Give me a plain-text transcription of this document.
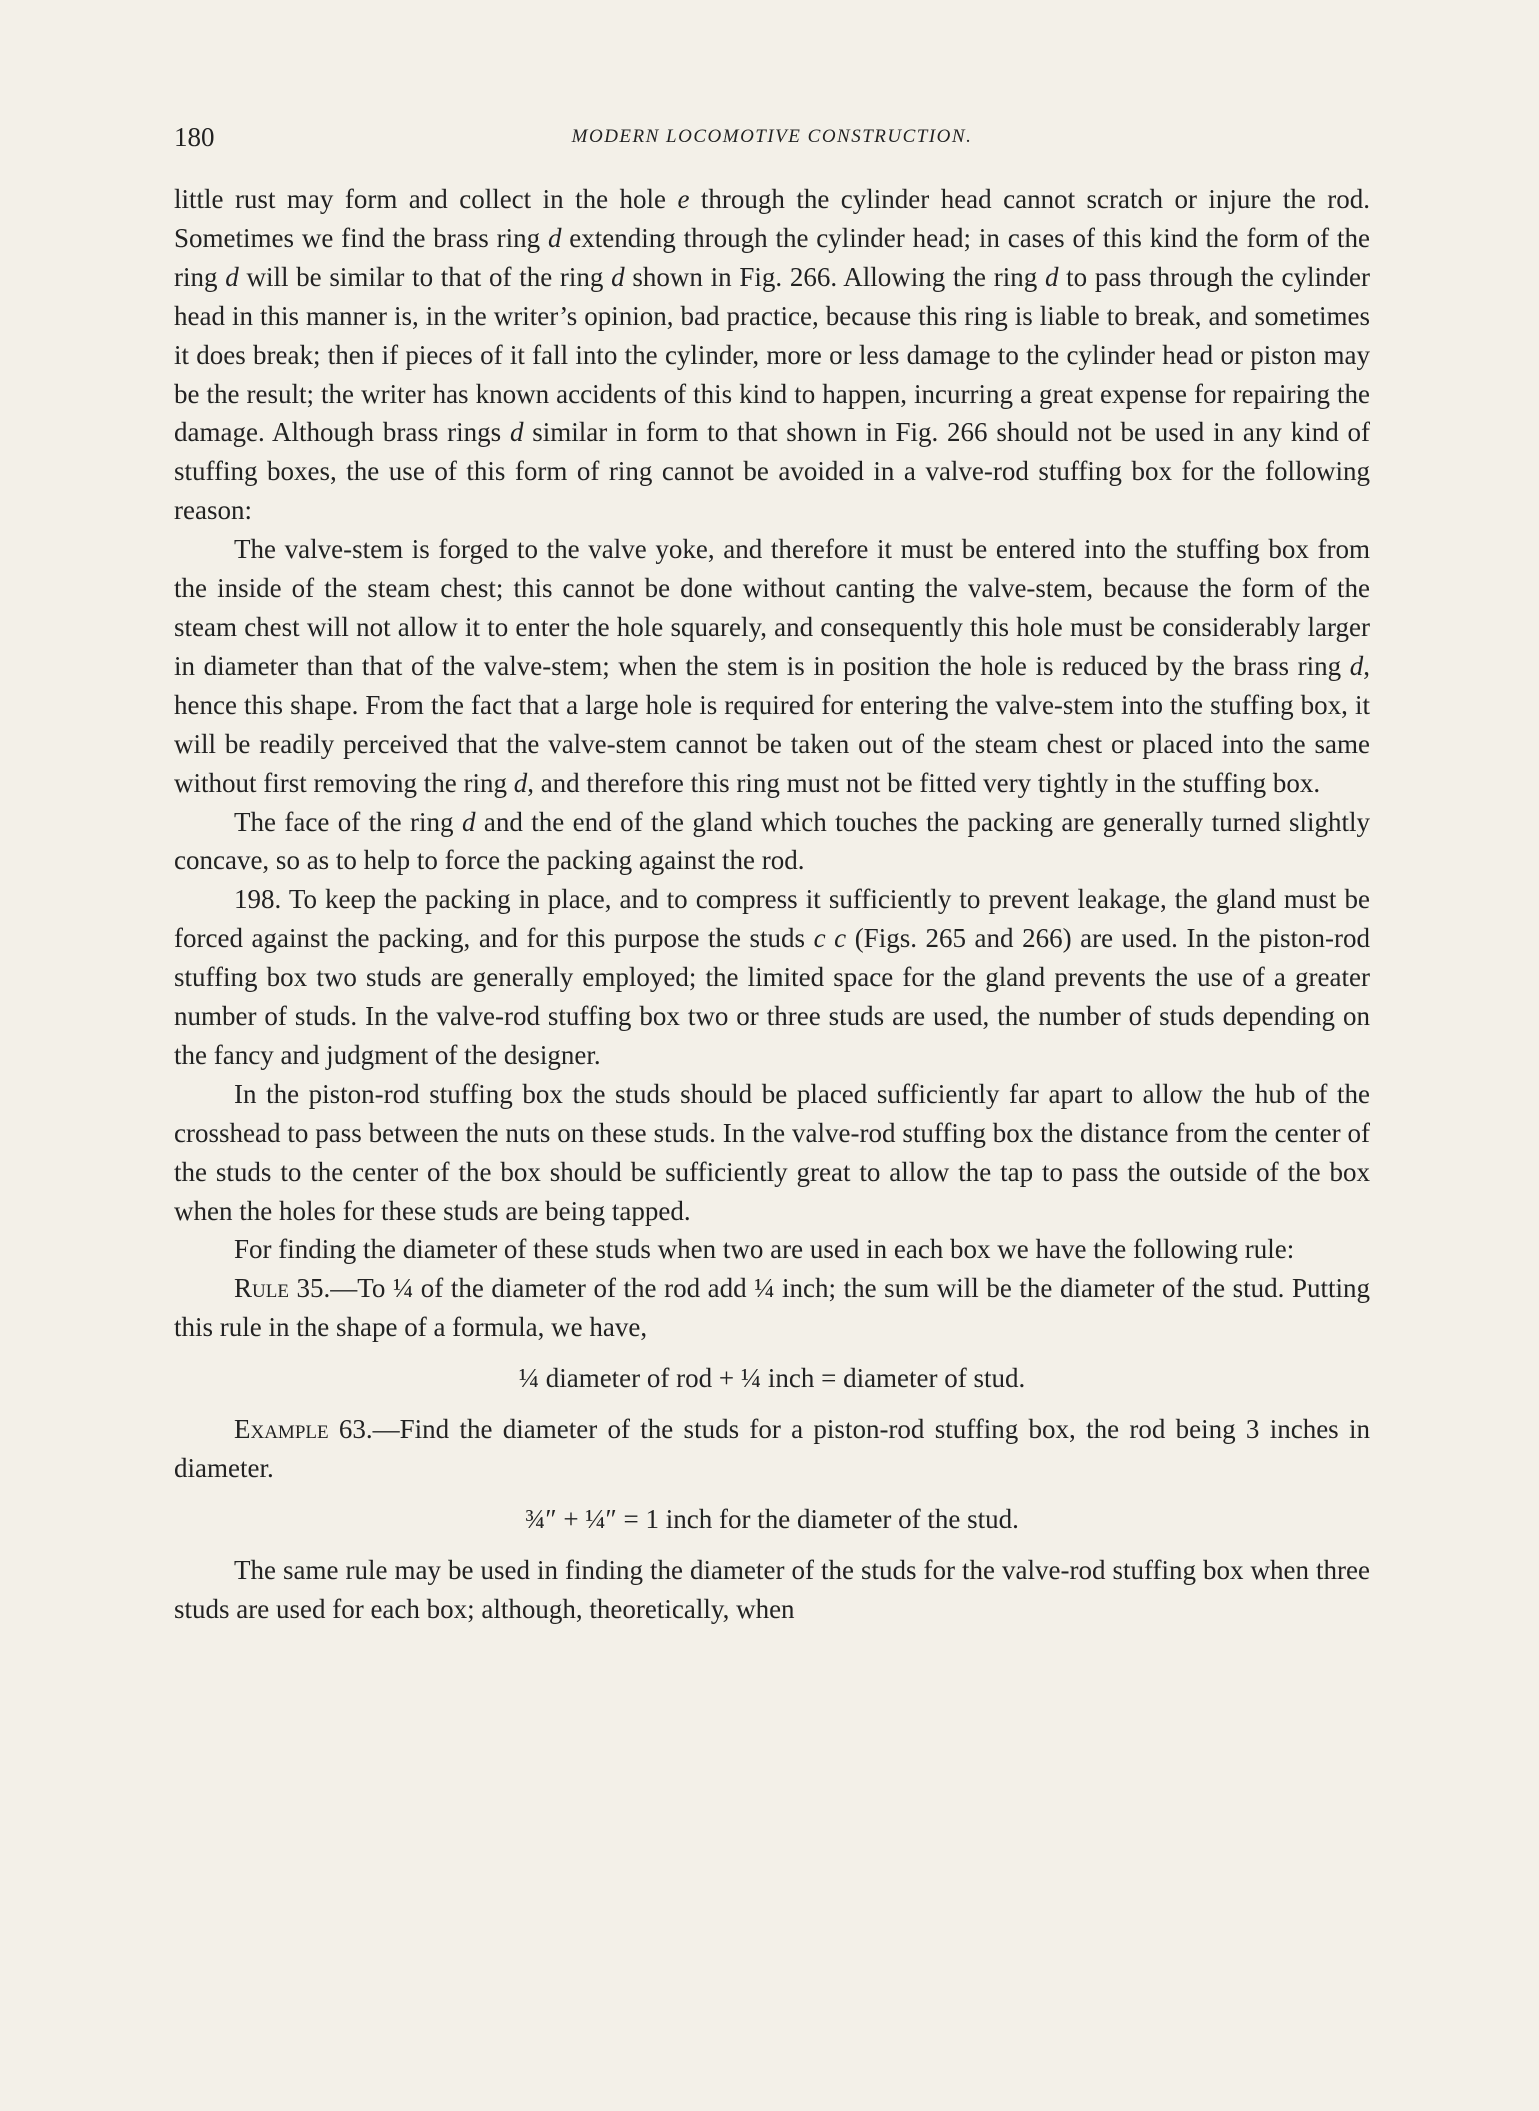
180	MODERN LOCOMOTIVE CONSTRUCTION.

little rust may form and collect in the hole e through the cylinder head cannot scratch or injure the rod. Sometimes we find the brass ring d extending through the cylinder head; in cases of this kind the form of the ring d will be similar to that of the ring d shown in Fig. 266. Allowing the ring d to pass through the cylinder head in this manner is, in the writer’s opinion, bad practice, because this ring is liable to break, and sometimes it does break; then if pieces of it fall into the cylinder, more or less damage to the cylinder head or piston may be the result; the writer has known accidents of this kind to happen, incurring a great expense for repairing the damage. Although brass rings d similar in form to that shown in Fig. 266 should not be used in any kind of stuffing boxes, the use of this form of ring cannot be avoided in a valve-rod stuffing box for the following reason:

The valve-stem is forged to the valve yoke, and therefore it must be entered into the stuffing box from the inside of the steam chest; this cannot be done without canting the valve-stem, because the form of the steam chest will not allow it to enter the hole squarely, and consequently this hole must be considerably larger in diameter than that of the valve-stem; when the stem is in position the hole is reduced by the brass ring d, hence this shape. From the fact that a large hole is required for entering the valve-stem into the stuffing box, it will be readily perceived that the valve-stem cannot be taken out of the steam chest or placed into the same without first removing the ring d, and therefore this ring must not be fitted very tightly in the stuffing box.

The face of the ring d and the end of the gland which touches the packing are generally turned slightly concave, so as to help to force the packing against the rod.

198. To keep the packing in place, and to compress it sufficiently to prevent leakage, the gland must be forced against the packing, and for this purpose the studs c c (Figs. 265 and 266) are used. In the piston-rod stuffing box two studs are generally employed; the limited space for the gland prevents the use of a greater number of studs. In the valve-rod stuffing box two or three studs are used, the number of studs depending on the fancy and judgment of the designer.

In the piston-rod stuffing box the studs should be placed sufficiently far apart to allow the hub of the crosshead to pass between the nuts on these studs. In the valve-rod stuffing box the distance from the center of the studs to the center of the box should be sufficiently great to allow the tap to pass the outside of the box when the holes for these studs are being tapped.

For finding the diameter of these studs when two are used in each box we have the following rule:

Rule 35.—To ¼ of the diameter of the rod add ¼ inch; the sum will be the diameter of the stud. Putting this rule in the shape of a formula, we have,

¼ diameter of rod + ¼ inch = diameter of stud.

Example 63.—Find the diameter of the studs for a piston-rod stuffing box, the rod being 3 inches in diameter.

¾″ + ¼″ = 1 inch for the diameter of the stud.

The same rule may be used in finding the diameter of the studs for the valve-rod stuffing box when three studs are used for each box; although, theoretically, when
